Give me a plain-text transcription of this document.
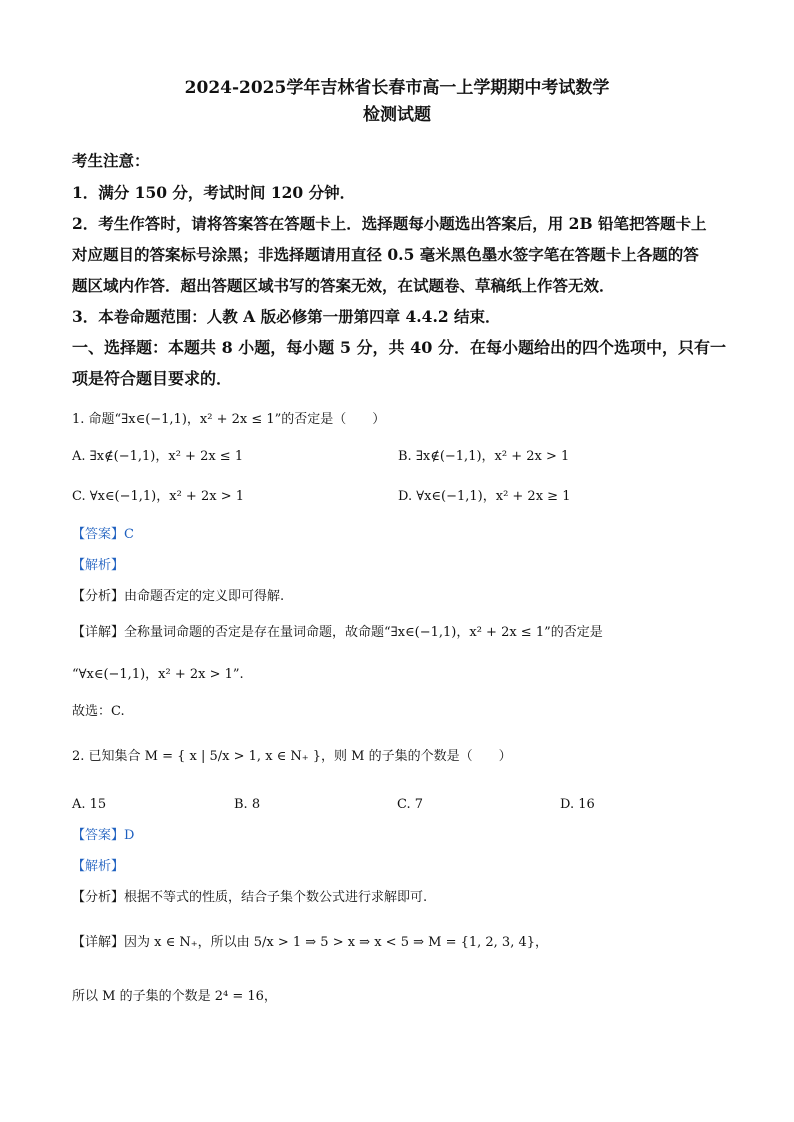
2024-2025学年吉林省长春市高一上学期期中考试数学
检测试题
考生注意：
1．满分 150 分，考试时间 120 分钟．
2．考生作答时，请将答案答在答题卡上．选择题每小题选出答案后，用 2B 铅笔把答题卡上
对应题目的答案标号涂黑；非选择题请用直径 0.5 毫米黑色墨水签字笔在答题卡上各题的答
题区域内作答．超出答题区域书写的答案无效，在试题卷、草稿纸上作答无效．
3．本卷命题范围：人教 A 版必修第一册第四章 4.4.2 结束．
一、选择题：本题共 8 小题，每小题 5 分，共 40 分．在每小题给出的四个选项中，只有一
项是符合题目要求的．
1. 命题“∃x∈(−1,1)，x² + 2x ≤ 1”的否定是（　　）
A. ∃x∉(−1,1)，x² + 2x ≤ 1	B. ∃x∉(−1,1)，x² + 2x > 1
C. ∀x∈(−1,1)，x² + 2x > 1	D. ∀x∈(−1,1)，x² + 2x ≥ 1
【答案】C
【解析】
【分析】由命题否定的定义即可得解.
【详解】全称量词命题的否定是存在量词命题，故命题“∃x∈(−1,1)，x² + 2x ≤ 1”的否定是
“∀x∈(−1,1)，x² + 2x > 1”.
故选：C.
2. 已知集合 M = { x | 5/x > 1, x ∈ N₊ }，则 M 的子集的个数是（　　）
A. 15	B. 8	C. 7	D. 16
【答案】D
【解析】
【分析】根据不等式的性质，结合子集个数公式进行求解即可.
【详解】因为 x ∈ N₊，所以由 5/x > 1 ⇒ 5 > x ⇒ x < 5 ⇒ M = {1, 2, 3, 4}，
所以 M 的子集的个数是 2⁴ = 16，
